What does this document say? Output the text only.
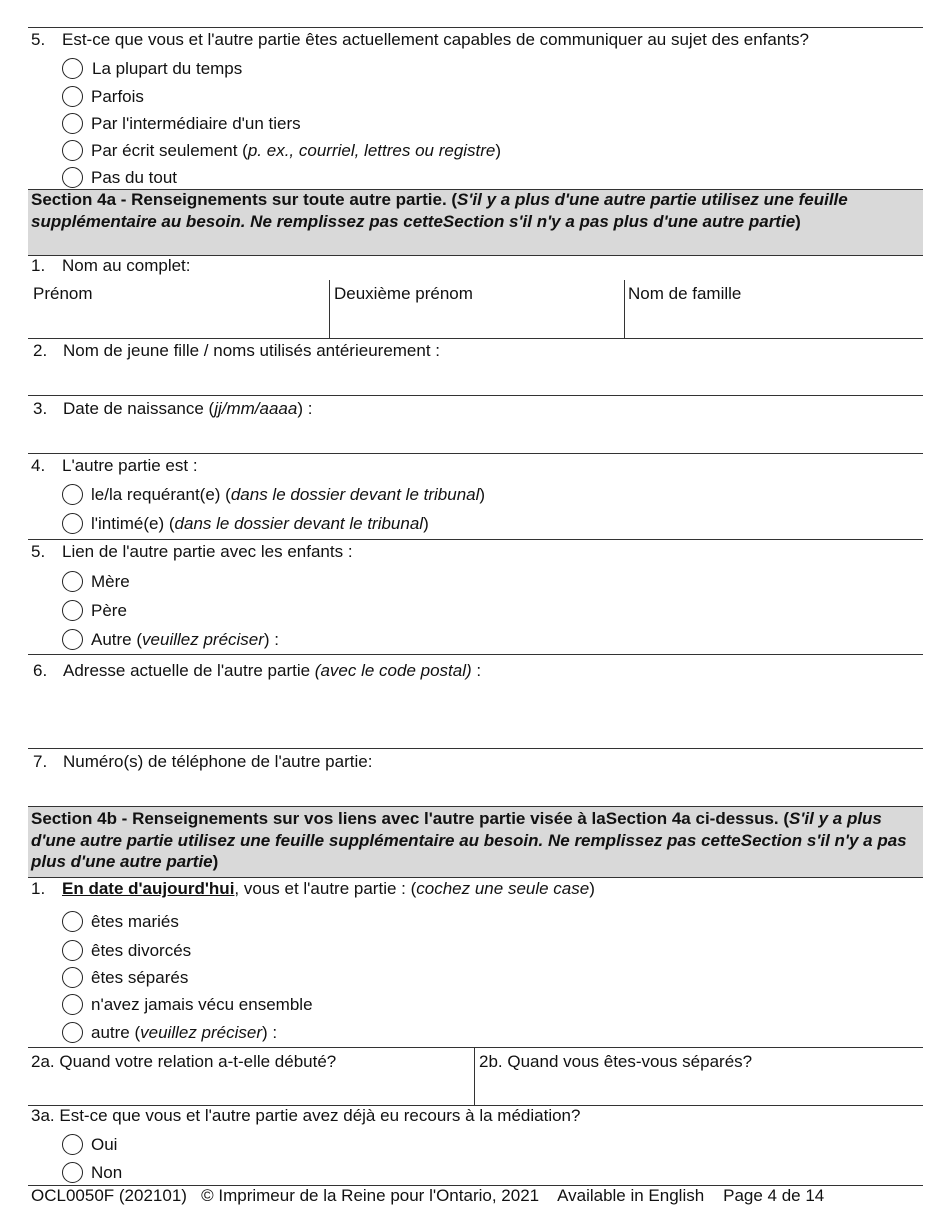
5. Est-ce que vous et l'autre partie êtes actuellement capables de communiquer au sujet des enfants?
La plupart du temps
Parfois
Par l'intermédiaire d'un tiers
Par écrit seulement (p. ex., courriel, lettres ou registre)
Pas du tout
Section 4a - Renseignements sur toute autre partie. (S'il y a plus d'une autre partie utilisez une feuille supplémentaire au besoin. Ne remplissez pas cetteSection s'il n'y a pas plus d'une autre partie)
1. Nom au complet:
Prénom	Deuxième prénom	Nom de famille
2. Nom de jeune fille / noms utilisés antérieurement :
3. Date de naissance (jj/mm/aaaa) :
4. L'autre partie est :
le/la requérant(e) (dans le dossier devant le tribunal)
l'intimé(e) (dans le dossier devant le tribunal)
5. Lien de l'autre partie avec les enfants :
Mère
Père
Autre (veuillez préciser) :
6. Adresse actuelle de l'autre partie (avec le code postal) :
7. Numéro(s) de téléphone de l'autre partie:
Section 4b - Renseignements sur vos liens avec l'autre partie visée à laSection 4a ci-dessus. (S'il y a plus d'une autre partie utilisez une feuille supplémentaire au besoin. Ne remplissez pas cetteSection s'il n'y a pas plus d'une autre partie)
1. En date d'aujourd'hui, vous et l'autre partie : (cochez une seule case)
êtes mariés
êtes divorcés
êtes séparés
n'avez jamais vécu ensemble
autre (veuillez préciser) :
2a. Quand votre relation a-t-elle débuté?	2b. Quand vous êtes-vous séparés?
3a. Est-ce que vous et l'autre partie avez déjà eu recours à la médiation?
Oui
Non
OCL0050F (202101) © Imprimeur de la Reine pour l'Ontario, 2021 Available in English Page 4 de 14
